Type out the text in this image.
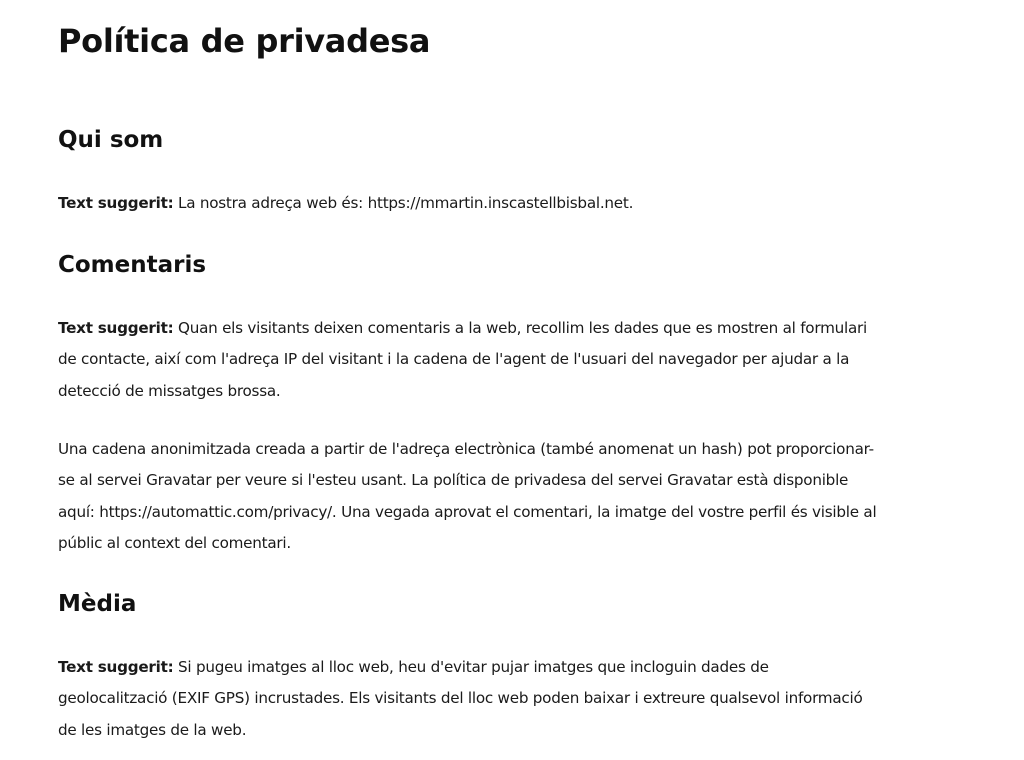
Política de privadesa
Qui som

Text suggerit: La nostra adreça web és: https://mmartin.inscastellbisbal.net.

Comentaris

Text suggerit: Quan els visitants deixen comentaris a la web, recollim les dades que es mostren al formulari de contacte, així com l'adreça IP del visitant i la cadena de l'agent de l'usuari del navegador per ajudar a la detecció de missatges brossa.

Una cadena anonimitzada creada a partir de l'adreça electrònica (també anomenat un hash) pot proporcionar-se al servei Gravatar per veure si l'esteu usant. La política de privadesa del servei Gravatar està disponible aquí: https://automattic.com/privacy/. Una vegada aprovat el comentari, la imatge del vostre perfil és visible al públic al context del comentari.

Mèdia

Text suggerit: Si pugeu imatges al lloc web, heu d'evitar pujar imatges que incloguin dades de geolocalització (EXIF GPS) incrustades. Els visitants del lloc web poden baixar i extreure qualsevol informació de les imatges de la web.
